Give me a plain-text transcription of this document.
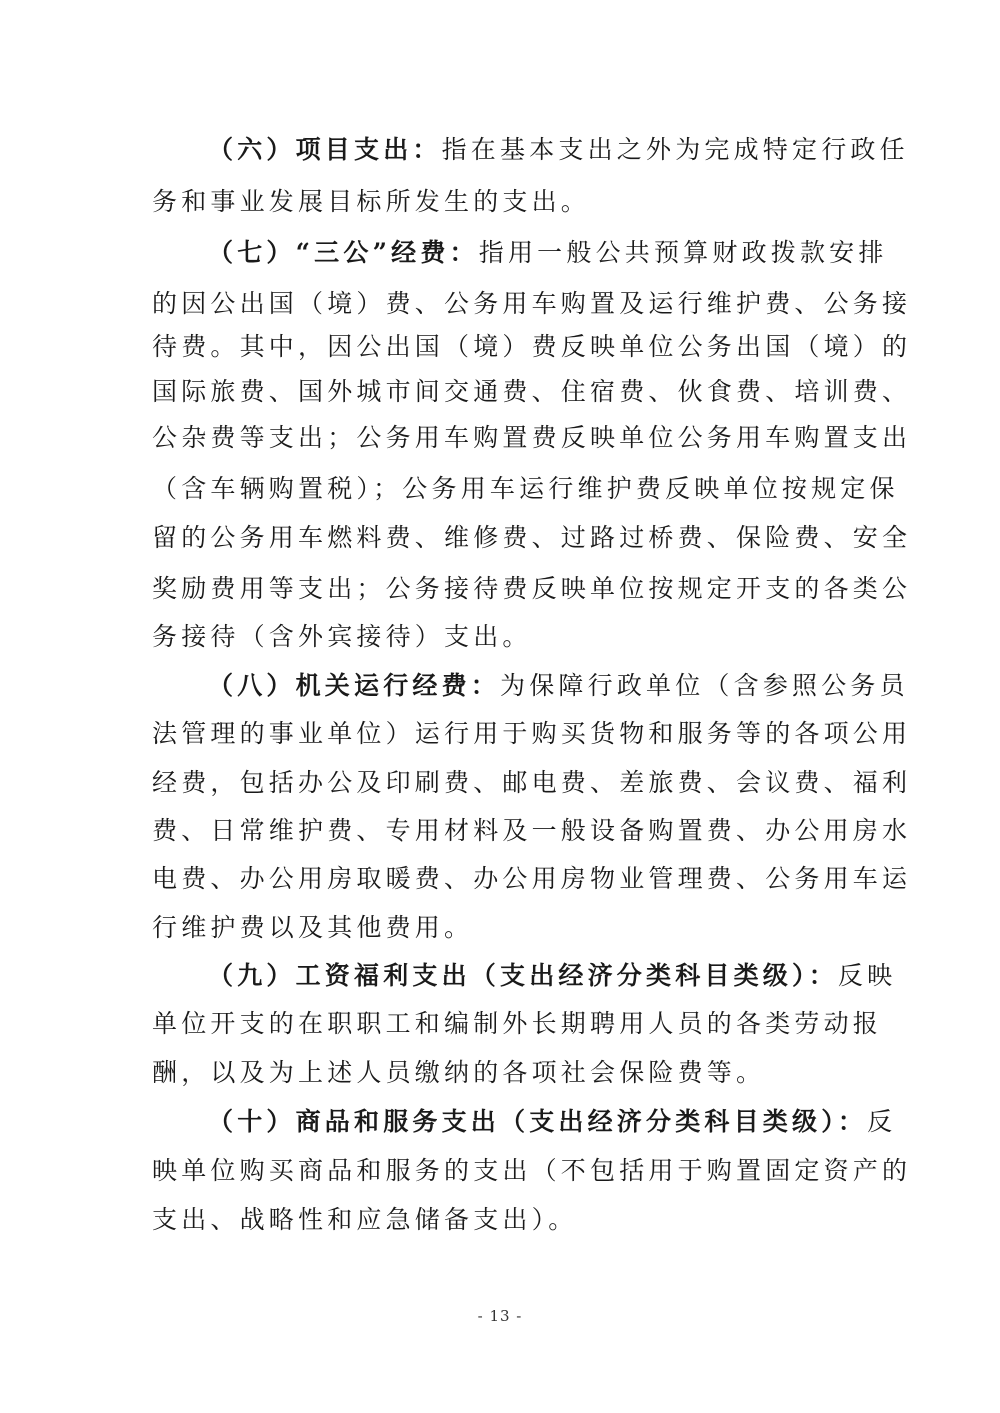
（六）项目支出：指在基本支出之外为完成特定行政任
务和事业发展目标所发生的支出。
（七）“三公”经费：指用一般公共预算财政拨款安排
的因公出国（境）费、公务用车购置及运行维护费、公务接
待费。其中，因公出国（境）费反映单位公务出国（境）的
国际旅费、国外城市间交通费、住宿费、伙食费、培训费、
公杂费等支出；公务用车购置费反映单位公务用车购置支出
（含车辆购置税）；公务用车运行维护费反映单位按规定保
留的公务用车燃料费、维修费、过路过桥费、保险费、安全
奖励费用等支出；公务接待费反映单位按规定开支的各类公
务接待（含外宾接待）支出。
（八）机关运行经费：为保障行政单位（含参照公务员
法管理的事业单位）运行用于购买货物和服务等的各项公用
经费，包括办公及印刷费、邮电费、差旅费、会议费、福利
费、日常维护费、专用材料及一般设备购置费、办公用房水
电费、办公用房取暖费、办公用房物业管理费、公务用车运
行维护费以及其他费用。
（九）工资福利支出（支出经济分类科目类级）：反映
单位开支的在职职工和编制外长期聘用人员的各类劳动报
酬，以及为上述人员缴纳的各项社会保险费等。
（十）商品和服务支出（支出经济分类科目类级）：反
映单位购买商品和服务的支出（不包括用于购置固定资产的
支出、战略性和应急储备支出）。
- 13 -
